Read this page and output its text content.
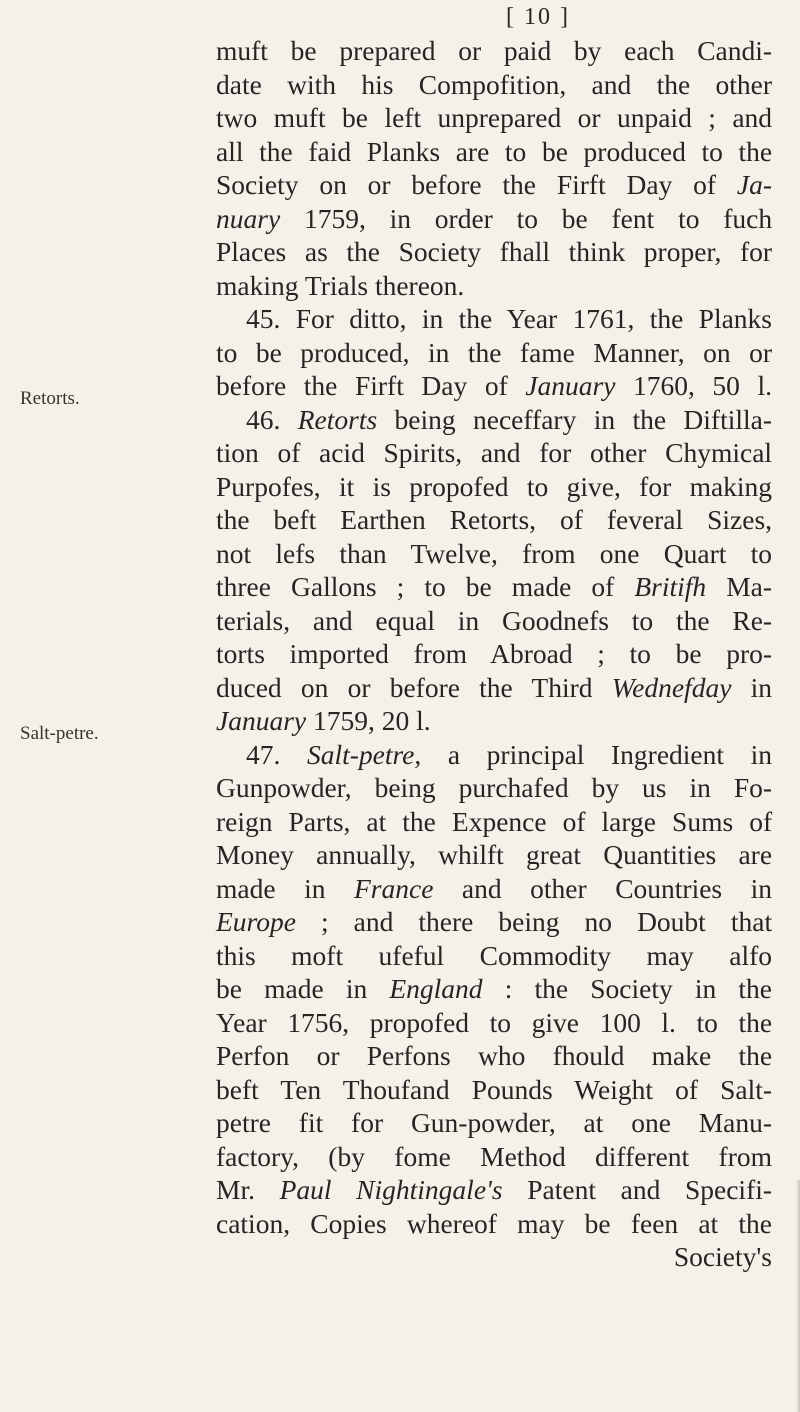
[ 10 ]
Retorts.
Salt-petre.
muft be prepared or paid by each Candi-
date with his Compofition, and the other
two muft be left unprepared or unpaid ; and
all the faid Planks are to be produced to the
Society on or before the Firft Day of Ja-
nuary 1759, in order to be fent to fuch
Places as the Society fhall think proper, for
making Trials thereon.
45. For ditto, in the Year 1761, the Planks
to be produced, in the fame Manner, on or
before the Firft Day of January 1760, 50 l.
46. Retorts being neceffary in the Diftilla-
tion of acid Spirits, and for other Chymical
Purpofes, it is propofed to give, for making
the beft Earthen Retorts, of feveral Sizes,
not lefs than Twelve, from one Quart to
three Gallons ; to be made of Britifh Ma-
terials, and equal in Goodnefs to the Re-
torts imported from Abroad ; to be pro-
duced on or before the Third Wednefday in
January 1759, 20 l.
47. Salt-petre, a principal Ingredient in
Gunpowder, being purchafed by us in Fo-
reign Parts, at the Expence of large Sums of
Money annually, whilft great Quantities are
made in France and other Countries in
Europe ; and there being no Doubt that
this moft ufeful Commodity may alfo
be made in England : the Society in the
Year 1756, propofed to give 100 l. to the
Perfon or Perfons who fhould make the
beft Ten Thoufand Pounds Weight of Salt-
petre fit for Gun-powder, at one Manu-
factory, (by fome Method different from
Mr. Paul Nightingale's Patent and Specifi-
cation, Copies whereof may be feen at the
Society's
